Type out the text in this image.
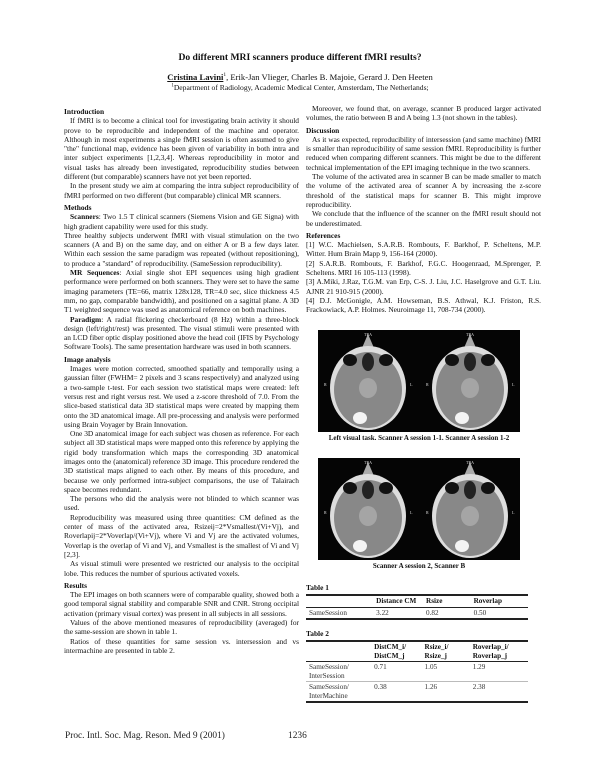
Do different MRI scanners produce different fMRI results?
Cristina Lavini$^1$, Erik-Jan Vlieger, Charles B. Majoie, Gerard J. Den Heeten
$^1$Department of Radiology, Academic Medical Center, Amsterdam, The Netherlands;
Introduction

If fMRI is to become a clinical tool for investigating brain activity it should prove to be reproducible and independent of the machine and operator. Although in most experiments a single fMRI session is often assumed to give "the" functional map, evidence has been given of variability in both intra and inter subject experiments [1,2,3,4]. Whereas reproducibility in motor and visual tasks has already been investigated, reproducibility studies between different (but comparable) scanners have not yet been reported.

In the present study we aim at comparing the intra subject reproducibility of fMRI performed on two different (but comparable) clinical MR scanners.

Methods

Scanners: Two 1.5 T clinical scanners (Siemens Vision and GE Signa) with high gradient capability were used for this study.

Three healthy subjects underwent fMRI with visual stimulation on the two scanners (A and B) on the same day, and on either A or B a few days later. Within each session the same paradigm was repeated (without repositioning), to produce a "standard" of reproducibility. (SameSession reproducibility).

MR Sequences: Axial single shot EPI sequences using high gradient performance were performed on both scanners. They were set to have the same imaging parameters (TE=66, matrix 128x128, TR=4.0 sec, slice thickness 4.5 mm, no gap, comparable bandwidth), and positioned on a sagittal plane. A 3D T1 weighted sequence was used as anatomical reference on both machines.

Paradigm: A radial flickering checkerboard (8 Hz) within a three-block design (left/right/rest) was presented. The visual stimuli were presented with an LCD fiber optic display positioned above the head coil (IFIS by Psychology Software Tools). The same presentation hardware was used in both scanners.

Image analysis

Images were motion corrected, smoothed spatially and temporally using a gaussian filter (FWHM= 2 pixels and 3 scans respectively) and analyzed using a two-sample t-test. For each session two statistical maps were created: left versus rest and right versus rest. We used a z-score threshold of 7.0. From the slice-based statistical data 3D statistical maps were created by mapping them onto the 3D anatomical image. All pre-processing and analysis were performed using Brain Voyager by Brain Innovation.

One 3D anatomical image for each subject was chosen as reference. For each subject all 3D statistical maps were mapped onto this reference by applying the rigid body transformation which maps the corresponding 3D anatomical images onto the (anatomical) reference 3D image. This procedure rendered the 3D statistical maps aligned to each other. By means of this procedure, and because we only performed intra-subject comparisons, the use of Talairach space becomes redundant.

The persons who did the analysis were not blinded to which scanner was used.

Reproducibility was measured using three quantities: CM defined as the center of mass of the activated area, Rsizeij=2*Vsmallest/(Vi+Vj), and Roverlapij=2*Voverlap/(Vi+Vj), where Vi and Vj are the activated volumes, Voverlap is the overlap of Vi and Vj, and Vsmallest is the smallest of Vi and Vj [2,3].

As visual stimuli were presented we restricted our analysis to the occipital lobe. This reduces the number of spurious activated voxels.

Results

The EPI images on both scanners were of comparable quality, showed both a good temporal signal stability and comparable SNR and CNR. Strong occipital activation (primary visual cortex) was present in all subjects in all sessions.

Values of the above mentioned measures of reproducibility (averaged) for the same-session are shown in table 1.

Ratios of these quantities for same session vs. intersession and vs intermachine are presented in table 2.

Moreover, we found that, on average, scanner B produced larger activated volumes, the ratio between B and A being 1.3 (not shown in the tables).

Discussion

As it was expected, reproducibility of intersession (and same machine) fMRI is smaller than reproducibility of same session fMRI. Reproducibility is further reduced when comparing different scanners. This might be due to the different technical implementation of the EPI imaging technique in the two scanners.

The volume of the activated area in scanner B can be made smaller to match the volume of the activated area of scanner A by increasing the z-score threshold of the statistical maps for scanner B. This might improve reproducibility.

We conclude that the influence of the scanner on the fMRI result should not be underestimated.

References

[1] W.C. Machielsen, S.A.R.B. Rombouts, F. Barkhof, P. Scheltens, M.P. Witter. Hum Brain Mapp 9, 156-164 (2000).

[2] S.A.R.B. Rombouts, F. Barkhof, F.G.C. Hoogenraad, M.Sprenger, P. Scheltens. MRI 16 105-113 (1998).

[3] A.Miki, J.Raz, T.G.M. van Erp, C-S. J. Liu, J.C. Haselgrove and G.T. Liu. AJNR 21 910-915 (2000).

[4] D.J. McGonigle, A.M. Howseman, B.S. Athwal, K.J. Friston, R.S. Frackowiack, A.P. Holmes. Neuroimage 11, 708-734 (2000).

TRA
R	L
TRA
R	L
Left visual task. Scanner A session 1-1. Scanner A session 1-2
TRA
R	L
TRA
R	L
Scanner A session 2, Scanner B
Table 1
	Distance CM	Rsize	Roverlap
SameSession	3.22	0.82	0.50
Table 2
	DistCM_i/ DistCM_j	Rsize_i/ Rsize_j	Roverlap_i/ Roverlap_j
SameSession/ InterSession	0.71	1.05	1.29
SameSession/ InterMachine	0.38	1.26	2.38
Proc. Intl. Soc. Mag. Reson. Med 9 (2001)	1236
